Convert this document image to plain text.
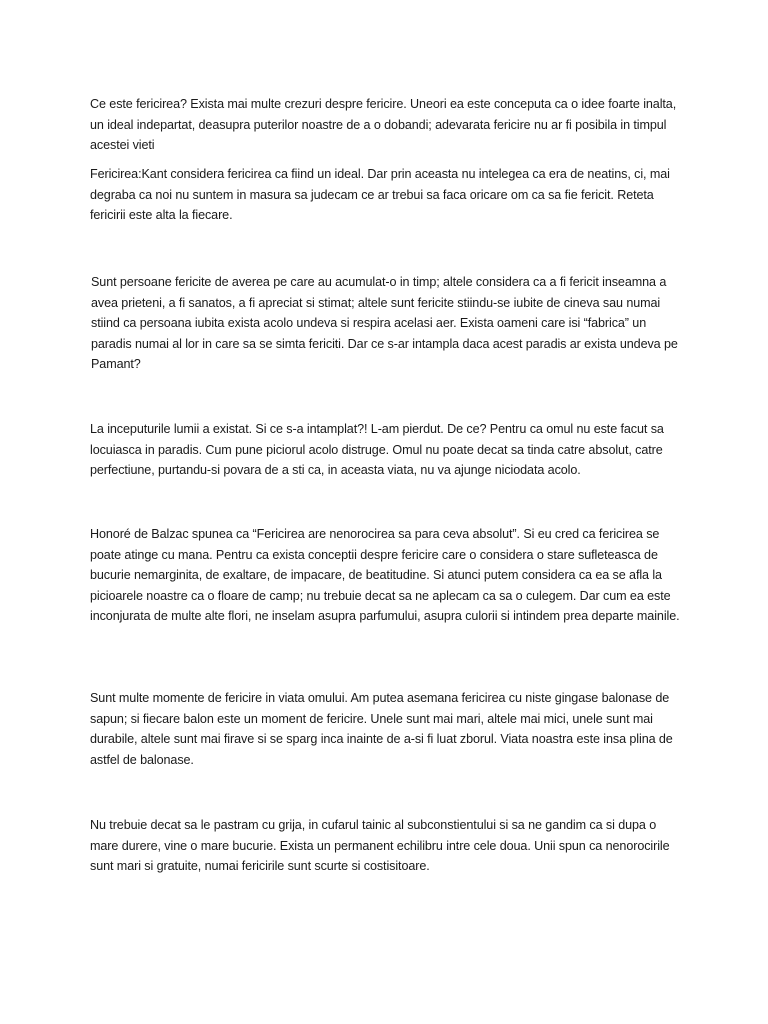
Ce este fericirea? Exista mai multe crezuri despre fericire. Uneori ea este conceputa ca o idee foarte inalta, un ideal indepartat, deasupra puterilor noastre de a o dobandi; adevarata fericire nu ar fi posibila in timpul acestei vieti

Fericirea:Kant considera fericirea ca fiind un ideal. Dar prin aceasta nu intelegea ca era de neatins, ci, mai degraba ca noi nu suntem in masura sa judecam ce ar trebui sa faca oricare om ca sa fie fericit. Reteta fericirii este alta la fiecare.

Sunt persoane fericite de averea pe care au acumulat-o in timp; altele considera ca a fi fericit inseamna a avea prieteni, a fi sanatos, a fi apreciat si stimat; altele sunt fericite stiindu-se iubite de cineva sau numai stiind ca persoana iubita exista acolo undeva si respira acelasi aer. Exista oameni care isi “fabrica” un paradis numai al lor in care sa se simta fericiti. Dar ce s-ar intampla daca acest paradis ar exista undeva pe Pamant?

La inceputurile lumii a existat. Si ce s-a intamplat?! L-am pierdut. De ce? Pentru ca omul nu este facut sa locuiasca in paradis. Cum pune piciorul acolo distruge. Omul nu poate decat sa tinda catre absolut, catre perfectiune, purtandu-si povara de a sti ca, in aceasta viata, nu va ajunge niciodata acolo.

Honoré de Balzac spunea ca “Fericirea are nenorocirea sa para ceva absolut”. Si eu cred ca fericirea se poate atinge cu mana. Pentru ca exista conceptii despre fericire care o considera o stare sufleteasca de bucurie nemarginita, de exaltare, de impacare, de beatitudine. Si atunci putem considera ca ea se afla la picioarele noastre ca o floare de camp; nu trebuie decat sa ne aplecam ca sa o culegem. Dar cum ea este inconjurata de multe alte flori, ne inselam asupra parfumului, asupra culorii si intindem prea departe mainile.

Sunt multe momente de fericire in viata omului. Am putea asemana fericirea cu niste gingase balonase de sapun; si fiecare balon este un moment de fericire. Unele sunt mai mari, altele mai mici, unele sunt mai durabile, altele sunt mai firave si se sparg inca inainte de a-si fi luat zborul. Viata noastra este insa plina de astfel de balonase.

Nu trebuie decat sa le pastram cu grija, in cufarul tainic al subconstientului si sa ne gandim ca si dupa o mare durere, vine o mare bucurie. Exista un permanent echilibru intre cele doua. Unii spun ca nenorocirile sunt mari si gratuite, numai fericirile sunt scurte si costisitoare.
